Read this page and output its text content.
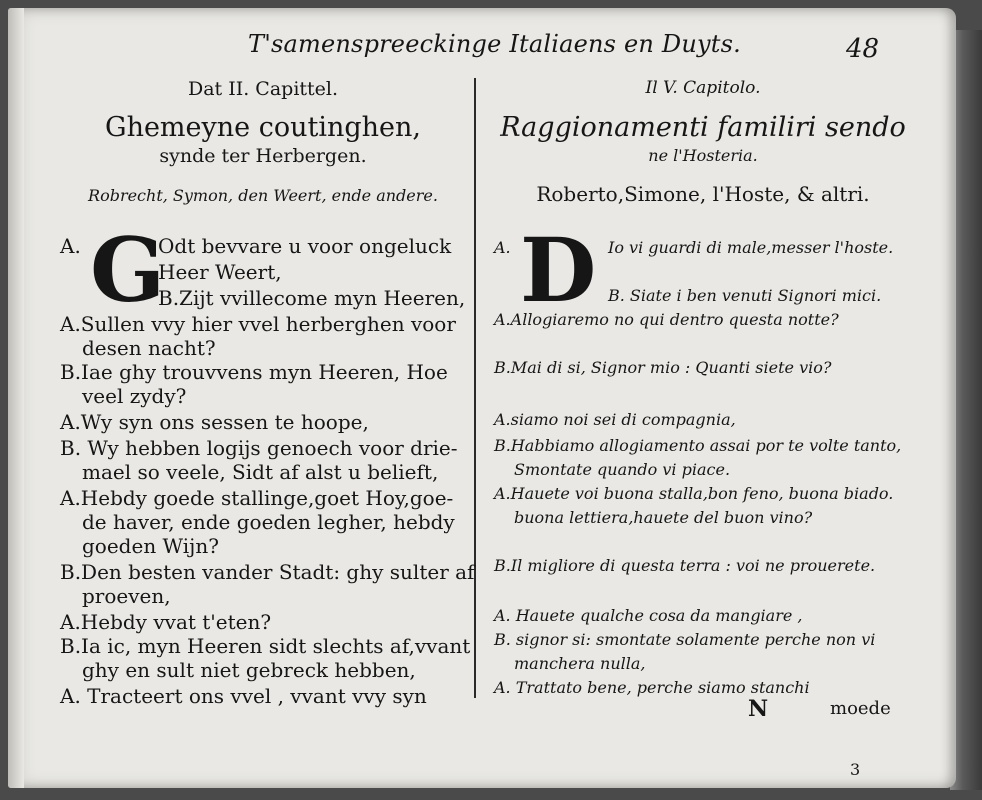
T'samenspreeckinge Italiaens en Duyts.	48
Dat II. Capittel.
Ghemeyne coutinghen,
synde ter Herbergen.
Robrecht, Symon, den Weert, ende andere.
A. G
Odt bevvare u voor ongeluck
Heer Weert,
B.Zijt vvillecome myn Heeren,
A.Sullen vvy hier vvel herberghen voor
desen nacht?
B.Iae ghy trouvvens myn Heeren, Hoe
veel zydy?
A.Wy syn ons sessen te hoope,
B. Wy hebben logijs genoech voor drie-
mael so veele, Sidt af alst u belieft,
A.Hebdy goede stallinge,goet Hoy,goe-
de haver, ende goeden legher, hebdy
goeden Wijn?
B.Den besten vander Stadt: ghy sulter af
proeven,
A.Hebdy vvat t'eten?
B.Ia ic, myn Heeren sidt slechts af,vvant
ghy en sult niet gebreck hebben,
A. Tracteert ons vvel , vvant vvy syn
Il V. Capitolo.
Raggionamenti familiri sendo
ne l'Hosteria.
Roberto,Simone, l'Hoste, & altri.
A. D Io vi guardi di male,messer l'hoste.
B. Siate i ben venuti Signori mici.
A.Allogiaremo no qui dentro questa notte?
B.Mai di si, Signor mio : Quanti siete vio?
A.siamo noi sei di compagnia,
B.Habbiamo allogiamento assai por te volte tanto,
Smontate quando vi piace.
A.Hauete voi buona stalla,bon feno, buona biado.
buona lettiera,hauete del buon vino?
B.Il migliore di questa terra : voi ne prouerete.
A. Hauete qualche cosa da mangiare ,
B. signor si: smontate solamente perche non vi
manchera nulla,
A. Trattato bene, perche siamo stanchi
N	moede
3
